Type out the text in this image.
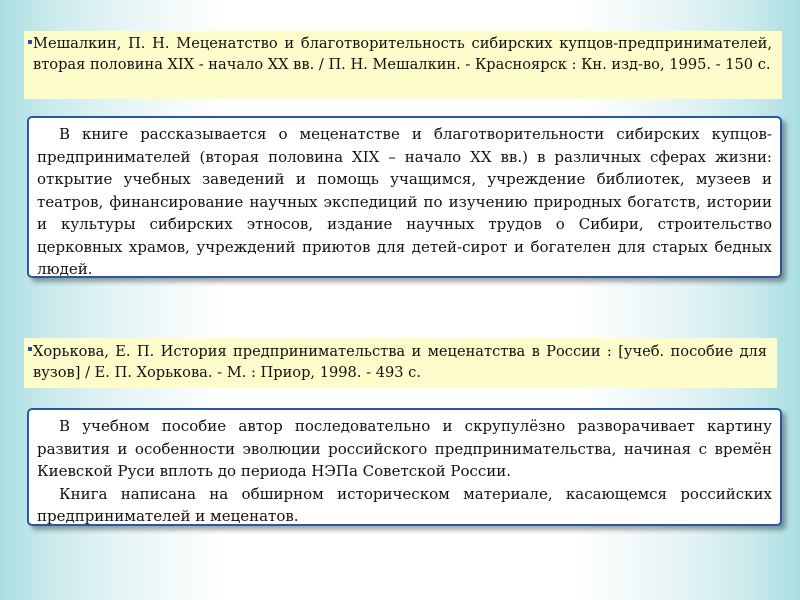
Мешалкин, П. Н. Меценатство и благотворительность сибирских купцов-предпринимателей, вторая половина XIX - начало XX вв. / П. Н. Мешалкин. - Красноярск : Кн. изд-во, 1995. - 150 с.

В книге рассказывается о меценатстве и благотворительности сибирских купцов-предпринимателей (вторая половина XIX – начало XX вв.) в различных сферах жизни: открытие учебных заведений и помощь учащимся, учреждение библиотек, музеев и театров, финансирование научных экспедиций по изучению природных богатств, истории и культуры сибирских этносов, издание научных трудов о Сибири, строительство церковных храмов, учреждений приютов для детей-сирот и богателен для старых бедных людей.

Хорькова, Е. П. История предпринимательства и меценатства в России : [учеб. пособие для вузов] / Е. П. Хорькова. - М. : Приор, 1998. - 493 с.

В учебном пособие автор последовательно и скрупулёзно разворачивает картину развития и особенности эволюции российского предпринимательства, начиная с времён Киевской Руси вплоть до периода НЭПа Советской России.

Книга написана на обширном историческом материале, касающемся российских предпринимателей и меценатов.
